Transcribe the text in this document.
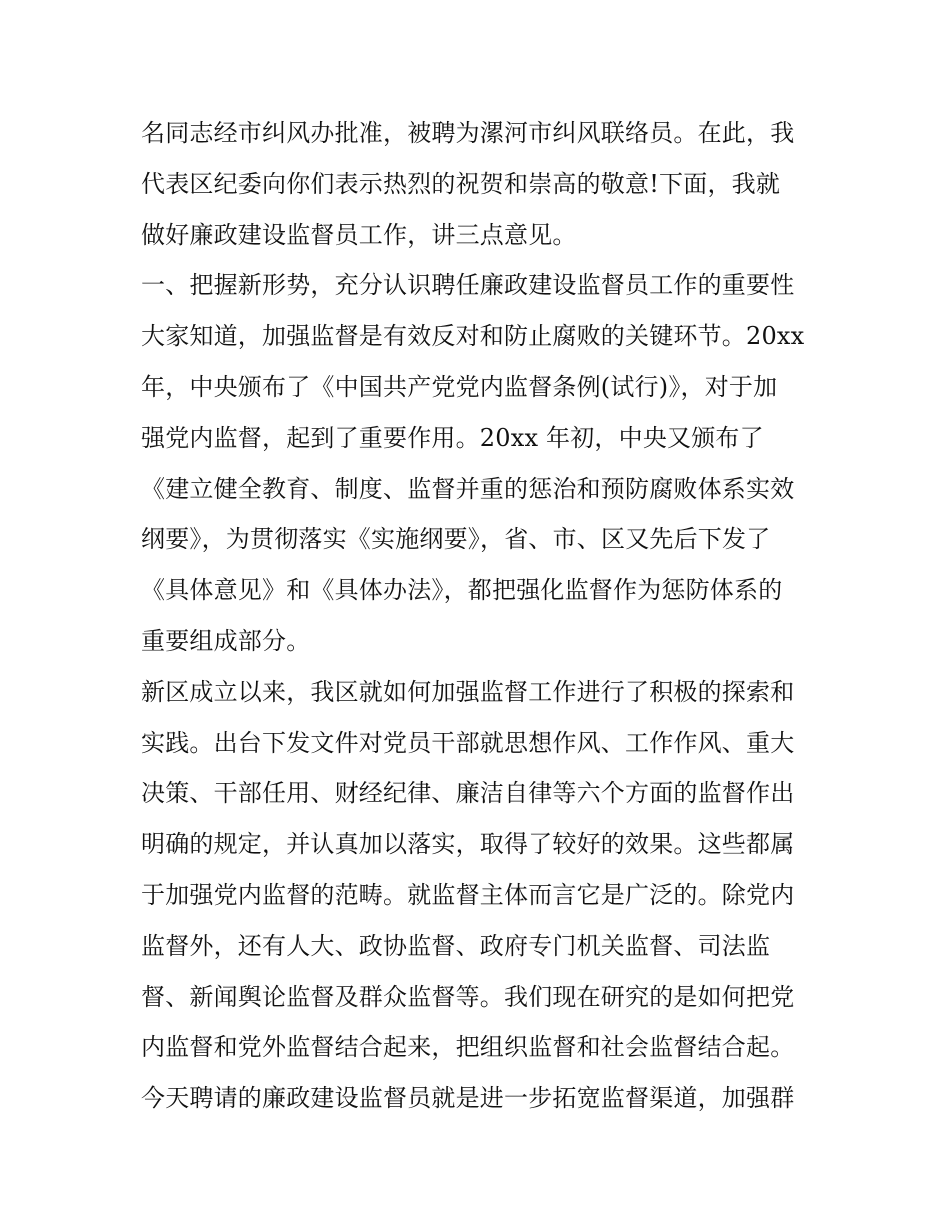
名同志经市纠风办批准，被聘为漯河市纠风联络员。在此，我
代表区纪委向你们表示热烈的祝贺和崇高的敬意!下面，我就
做好廉政建设监督员工作，讲三点意见。
一、把握新形势，充分认识聘任廉政建设监督员工作的重要性
大家知道，加强监督是有效反对和防止腐败的关键环节。20xx
年，中央颁布了《中国共产党党内监督条例(试行)》，对于加
强党内监督，起到了重要作用。20xx 年初，中央又颁布了
《建立健全教育、制度、监督并重的惩治和预防腐败体系实效
纲要》，为贯彻落实《实施纲要》，省、市、区又先后下发了
《具体意见》和《具体办法》，都把强化监督作为惩防体系的
重要组成部分。
新区成立以来，我区就如何加强监督工作进行了积极的探索和
实践。出台下发文件对党员干部就思想作风、工作作风、重大
决策、干部任用、财经纪律、廉洁自律等六个方面的监督作出
明确的规定，并认真加以落实，取得了较好的效果。这些都属
于加强党内监督的范畴。就监督主体而言它是广泛的。除党内
监督外，还有人大、政协监督、政府专门机关监督、司法监
督、新闻舆论监督及群众监督等。我们现在研究的是如何把党
内监督和党外监督结合起来，把组织监督和社会监督结合起。
今天聘请的廉政建设监督员就是进一步拓宽监督渠道，加强群
